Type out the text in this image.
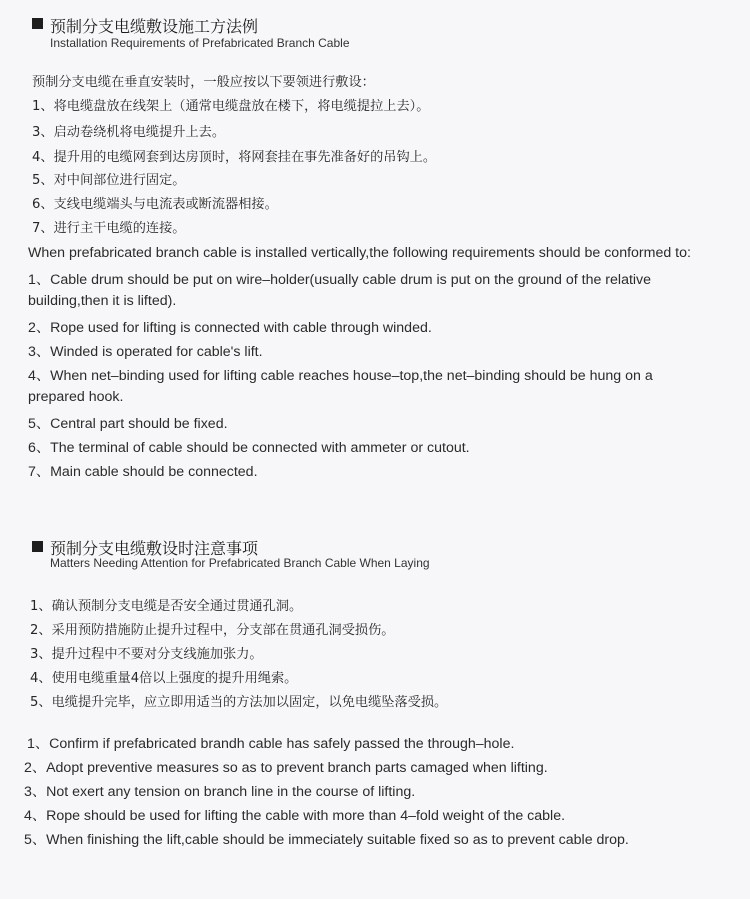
预制分支电缆敷设施工方法例
Installation Requirements of Prefabricated Branch Cable
预制分支电缆在垂直安装时，一般应按以下要领进行敷设：
1、将电缆盘放在线架上（通常电缆盘放在楼下，将电缆提拉上去）。
3、启动卷绕机将电缆提升上去。
4、提升用的电缆网套到达房顶时，将网套挂在事先准备好的吊钩上。
5、对中间部位进行固定。
6、支线电缆端头与电流表或断流器相接。
7、进行主干电缆的连接。
When prefabricated branch cable is installed vertically,the following requirements should be conformed to:
1、Cable drum should be put on wire–holder(usually cable drum is put on the ground of the relative
building,then it is lifted).
2、Rope used for lifting is connected with cable through winded.
3、Winded is operated for cable's lift.
4、When net–binding used for lifting cable reaches house–top,the net–binding should be hung on a
prepared hook.
5、Central part should be fixed.
6、The terminal of cable should be connected with ammeter or cutout.
7、Main cable should be connected.
预制分支电缆敷设时注意事项
Matters Needing Attention for Prefabricated Branch Cable When Laying
1、确认预制分支电缆是否安全通过贯通孔洞。
2、采用预防措施防止提升过程中，分支部在贯通孔洞受损伤。
3、提升过程中不要对分支线施加张力。
4、使用电缆重量4倍以上强度的提升用绳索。
5、电缆提升完毕，应立即用适当的方法加以固定，以免电缆坠落受损。
1、Confirm if prefabricated brandh cable has safely passed the through–hole.
2、Adopt preventive measures so as to prevent branch parts camaged when lifting.
3、Not exert any tension on branch line in the course of lifting.
4、Rope should be used for lifting the cable with more than 4–fold weight of the cable.
5、When finishing the lift,cable should be immeciately suitable fixed so as to prevent cable drop.
